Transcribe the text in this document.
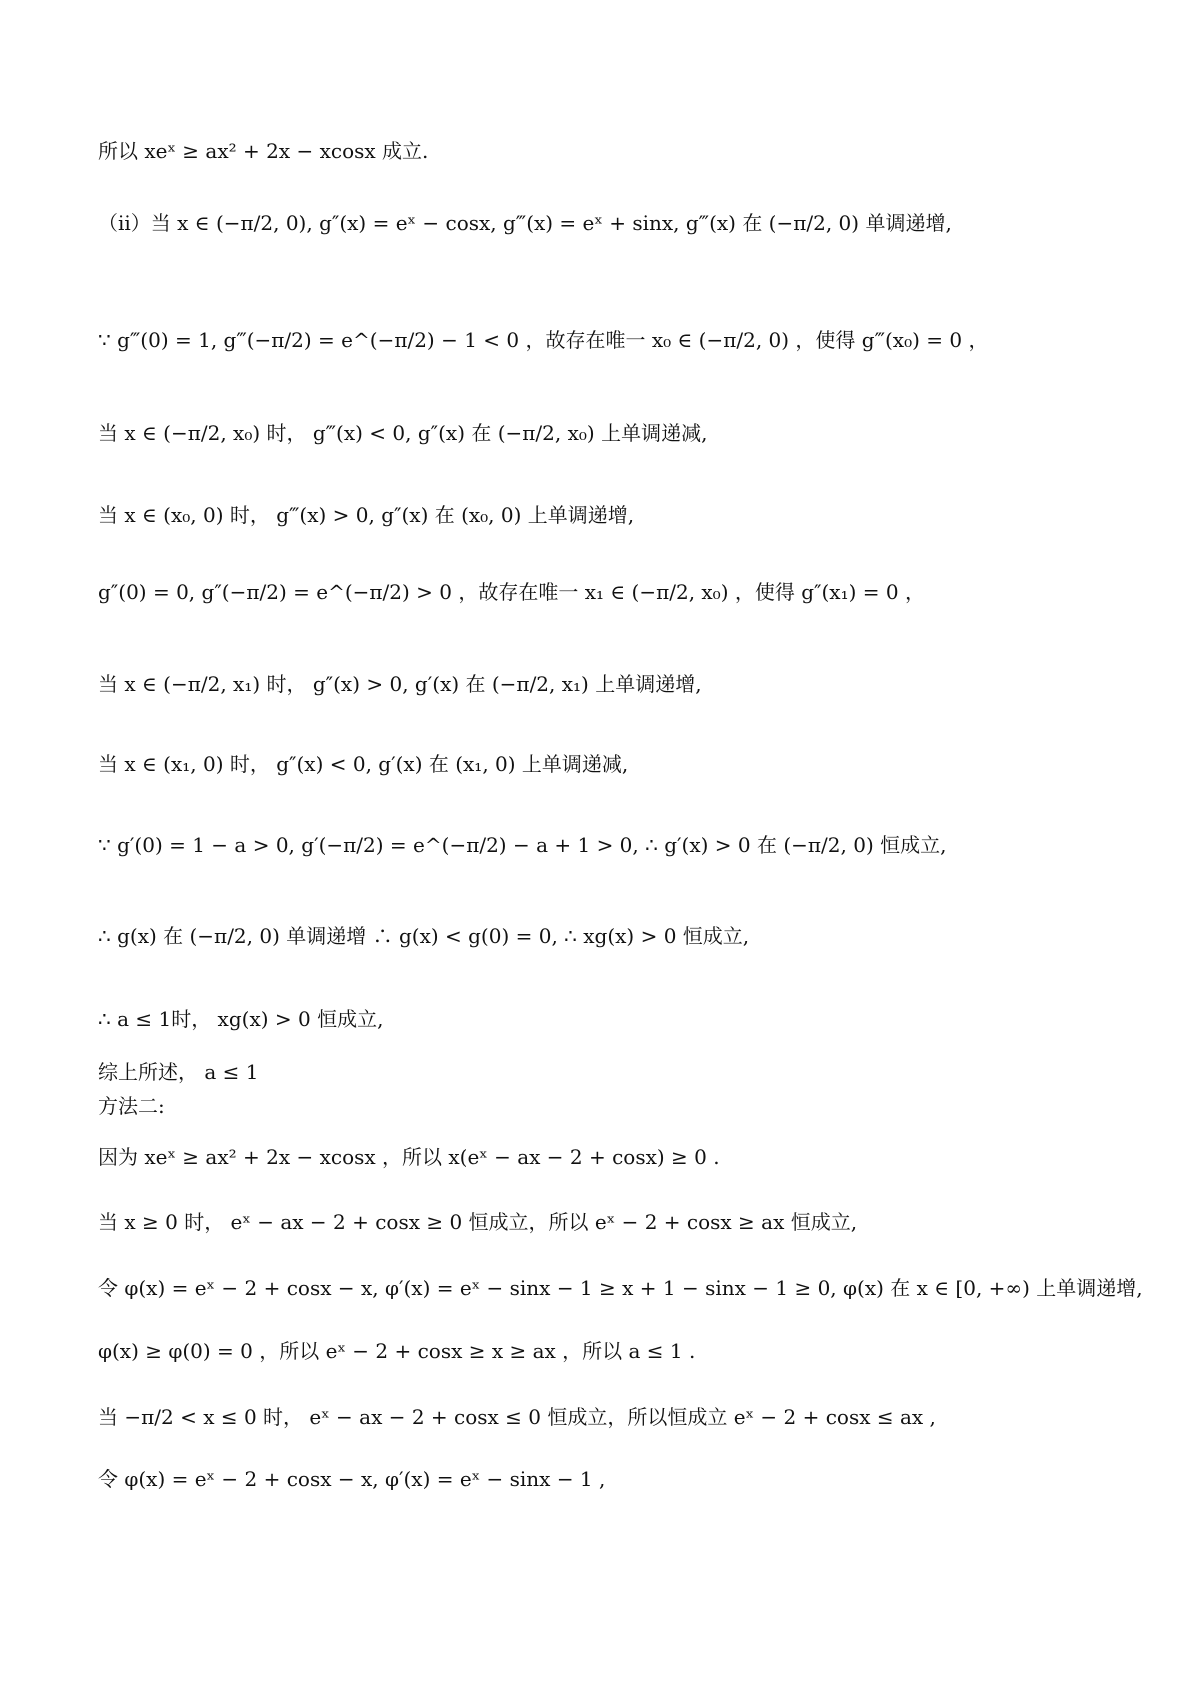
所以 xeˣ ≥ ax² + 2x − xcosx 成立.
（ii）当 x ∈ (−π/2, 0), g″(x) = eˣ − cosx, g‴(x) = eˣ + sinx, g‴(x) 在 (−π/2, 0) 单调递增,
∵ g‴(0) = 1, g‴(−π/2) = e^(−π/2) − 1 < 0 ，故存在唯一 x₀ ∈ (−π/2, 0) ，使得 g‴(x₀) = 0 ，
当 x ∈ (−π/2, x₀) 时， g‴(x) < 0, g″(x) 在 (−π/2, x₀) 上单调递减,
当 x ∈ (x₀, 0) 时， g‴(x) > 0, g″(x) 在 (x₀, 0) 上单调递增,
g″(0) = 0, g″(−π/2) = e^(−π/2) > 0 ，故存在唯一 x₁ ∈ (−π/2, x₀) ，使得 g″(x₁) = 0 ，
当 x ∈ (−π/2, x₁) 时， g″(x) > 0, g′(x) 在 (−π/2, x₁) 上单调递增,
当 x ∈ (x₁, 0) 时， g″(x) < 0, g′(x) 在 (x₁, 0) 上单调递减,
∵ g′(0) = 1 − a > 0, g′(−π/2) = e^(−π/2) − a + 1 > 0, ∴ g′(x) > 0 在 (−π/2, 0) 恒成立,
∴ g(x) 在 (−π/2, 0) 单调递增 ∴ g(x) < g(0) = 0, ∴ xg(x) > 0 恒成立,
∴ a ≤ 1时， xg(x) > 0 恒成立,
综上所述， a ≤ 1
方法二:
因为 xeˣ ≥ ax² + 2x − xcosx ，所以 x(eˣ − ax − 2 + cosx) ≥ 0 .
当 x ≥ 0 时， eˣ − ax − 2 + cosx ≥ 0 恒成立，所以 eˣ − 2 + cosx ≥ ax 恒成立,
令 φ(x) = eˣ − 2 + cosx − x, φ′(x) = eˣ − sinx − 1 ≥ x + 1 − sinx − 1 ≥ 0, φ(x) 在 x ∈ [0, +∞) 上单调递增,
φ(x) ≥ φ(0) = 0 ，所以 eˣ − 2 + cosx ≥ x ≥ ax ，所以 a ≤ 1 .
当 −π/2 < x ≤ 0 时， eˣ − ax − 2 + cosx ≤ 0 恒成立，所以恒成立 eˣ − 2 + cosx ≤ ax ,
令 φ(x) = eˣ − 2 + cosx − x, φ′(x) = eˣ − sinx − 1 ,
